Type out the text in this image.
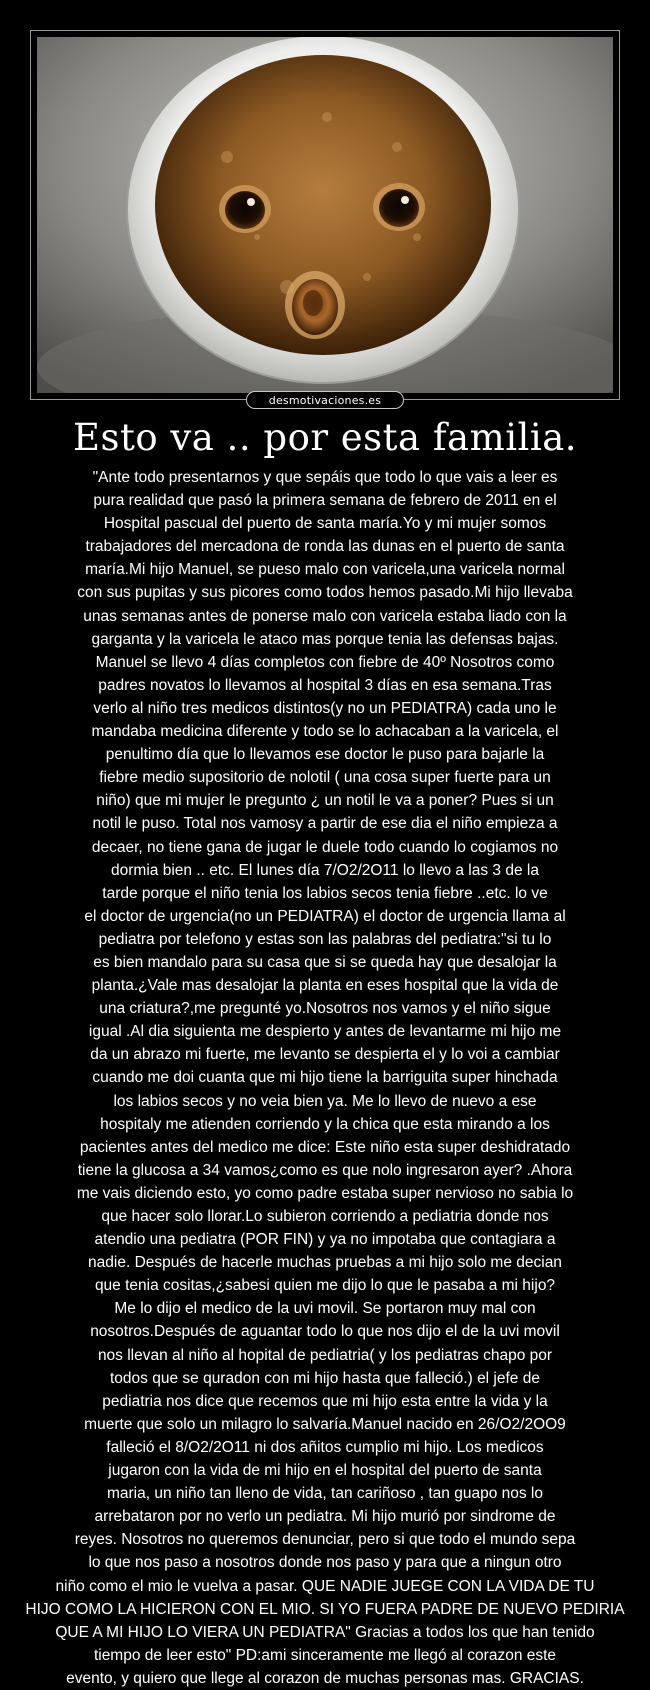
desmotivaciones.es
Esto va .. por esta familia.
"Ante todo presentarnos y que sepáis que todo lo que vais a leer es
pura realidad que pasó la primera semana de febrero de 2011 en el
Hospital pascual del puerto de santa maría.Yo y mi mujer somos
trabajadores del mercadona de ronda las dunas en el puerto de santa
maría.Mi hijo Manuel, se pueso malo con varicela,una varicela normal
con sus pupitas y sus picores como todos hemos pasado.Mi hijo llevaba
unas semanas antes de ponerse malo con varicela estaba liado con la
garganta y la varicela le ataco mas porque tenia las defensas bajas.
Manuel se llevo 4 días completos con fiebre de 40º Nosotros como
padres novatos lo llevamos al hospital 3 días en esa semana.Tras
verlo al niño tres medicos distintos(y no un PEDIATRA) cada uno le
mandaba medicina diferente y todo se lo achacaban a la varicela, el
penultimo día que lo llevamos ese doctor le puso para bajarle la
fiebre medio supositorio de nolotil ( una cosa super fuerte para un
niño) que mi mujer le pregunto ¿ un notil le va a poner? Pues si un
notil le puso. Total nos vamosy a partir de ese dia el niño empieza a
decaer, no tiene gana de jugar le duele todo cuando lo cogiamos no
dormia bien .. etc. El lunes día 7/O2/2O11 lo llevo a las 3 de la
tarde porque el niño tenia los labios secos tenia fiebre ..etc. lo ve
el doctor de urgencia(no un PEDIATRA) el doctor de urgencia llama al
pediatra por telefono y estas son las palabras del pediatra:"si tu lo
es bien mandalo para su casa que si se queda hay que desalojar la
planta.¿Vale mas desalojar la planta en eses hospital que la vida de
una criatura?,me pregunté yo.Nosotros nos vamos y el niño sigue
igual .Al dia siguienta me despierto y antes de levantarme mi hijo me
da un abrazo mi fuerte, me levanto se despierta el y lo voi a cambiar
cuando me doi cuanta que mi hijo tiene la barriguita super hinchada
los labios secos y no veia bien ya. Me lo llevo de nuevo a ese
hospitaly me atienden corriendo y la chica que esta mirando a los
pacientes antes del medico me dice: Este niño esta super deshidratado
tiene la glucosa a 34 vamos¿como es que nolo ingresaron ayer? .Ahora
me vais diciendo esto, yo como padre estaba super nervioso no sabia lo
que hacer solo llorar.Lo subieron corriendo a pediatria donde nos
atendio una pediatra (POR FIN) y ya no impotaba que contagiara a
nadie. Después de hacerle muchas pruebas a mi hijo solo me decian
que tenia cositas,¿sabesi quien me dijo lo que le pasaba a mi hijo?
Me lo dijo el medico de la uvi movil. Se portaron muy mal con
nosotros.Después de aguantar todo lo que nos dijo el de la uvi movil
nos llevan al niño al hopital de pediatria( y los pediatras chapo por
todos que se quradon con mi hijo hasta que falleció.) el jefe de
pediatria nos dice que recemos que mi hijo esta entre la vida y la
muerte que solo un milagro lo salvaría.Manuel nacido en 26/O2/2OO9
falleció el 8/O2/2O11 ni dos añitos cumplio mi hijo. Los medicos
jugaron con la vida de mi hijo en el hospital del puerto de santa
maria, un niño tan lleno de vida, tan cariñoso , tan guapo nos lo
arrebataron por no verlo un pediatra. Mi hijo murió por sindrome de
reyes. Nosotros no queremos denunciar, pero si que todo el mundo sepa
lo que nos paso a nosotros donde nos paso y para que a ningun otro
niño como el mio le vuelva a pasar. QUE NADIE JUEGE CON LA VIDA DE TU
HIJO COMO LA HICIERON CON EL MIO. SI YO FUERA PADRE DE NUEVO PEDIRIA
QUE A MI HIJO LO VIERA UN PEDIATRA" Gracias a todos los que han tenido
tiempo de leer esto" PD:ami sinceramente me llegó al corazon este
evento, y quiero que llege al corazon de muchas personas mas. GRACIAS.
